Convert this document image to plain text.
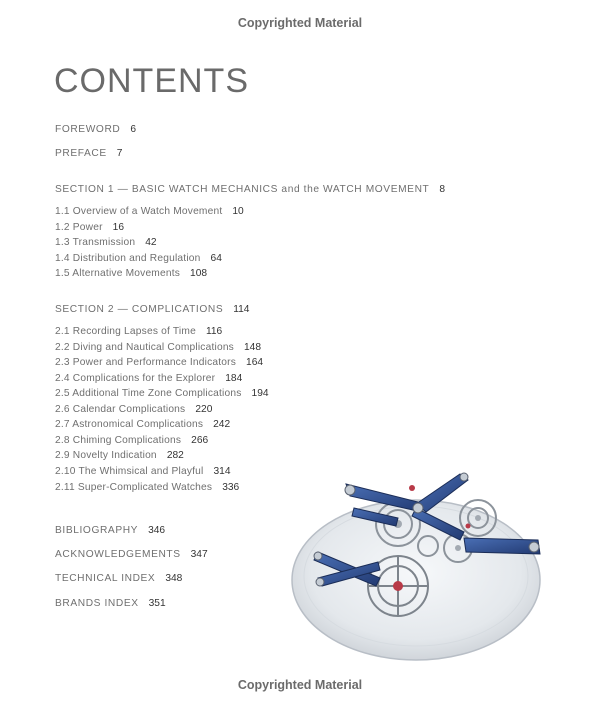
Copyrighted Material
CONTENTS
FOREWORD 6
PREFACE 7
SECTION 1 — BASIC WATCH MECHANICS and the WATCH MOVEMENT 8
1.1 Overview of a Watch Movement 10
1.2 Power 16
1.3 Transmission 42
1.4 Distribution and Regulation 64
1.5 Alternative Movements 108
SECTION 2 — COMPLICATIONS 114
2.1 Recording Lapses of Time 116
2.2 Diving and Nautical Complications 148
2.3 Power and Performance Indicators 164
2.4 Complications for the Explorer 184
2.5 Additional Time Zone Complications 194
2.6 Calendar Complications 220
2.7 Astronomical Complications 242
2.8 Chiming Complications 266
2.9 Novelty Indication 282
2.10 The Whimsical and Playful 314
2.11 Super-Complicated Watches 336
BIBLIOGRAPHY 346
ACKNOWLEDGEMENTS 347
TECHNICAL INDEX 348
BRANDS INDEX 351
Copyrighted Material
